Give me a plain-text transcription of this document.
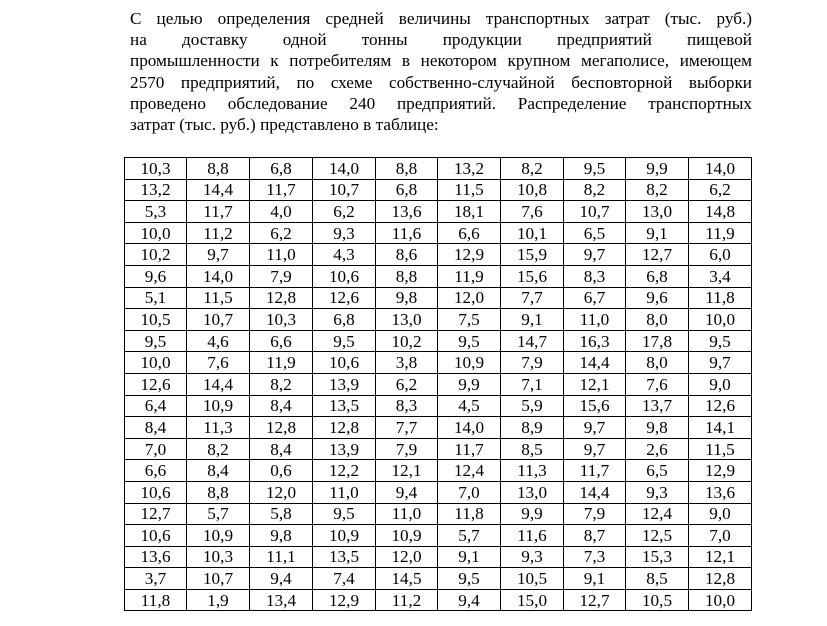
С целью определения средней величины транспортных затрат (тыс. руб.)
на доставку одной тонны продукции предприятий пищевой
промышленности к потребителям в некотором крупном мегаполисе, имеющем
2570 предприятий, по схеме собственно-случайной бесповторной выборки
проведено обследование 240 предприятий. Распределение транспортных
затрат (тыс. руб.) представлено в таблице:

10,3	8,8	6,8	14,0	8,8	13,2	8,2	9,5	9,9	14,0
13,2	14,4	11,7	10,7	6,8	11,5	10,8	8,2	8,2	6,2
5,3	11,7	4,0	6,2	13,6	18,1	7,6	10,7	13,0	14,8
10,0	11,2	6,2	9,3	11,6	6,6	10,1	6,5	9,1	11,9
10,2	9,7	11,0	4,3	8,6	12,9	15,9	9,7	12,7	6,0
9,6	14,0	7,9	10,6	8,8	11,9	15,6	8,3	6,8	3,4
5,1	11,5	12,8	12,6	9,8	12,0	7,7	6,7	9,6	11,8
10,5	10,7	10,3	6,8	13,0	7,5	9,1	11,0	8,0	10,0
9,5	4,6	6,6	9,5	10,2	9,5	14,7	16,3	17,8	9,5
10,0	7,6	11,9	10,6	3,8	10,9	7,9	14,4	8,0	9,7
12,6	14,4	8,2	13,9	6,2	9,9	7,1	12,1	7,6	9,0
6,4	10,9	8,4	13,5	8,3	4,5	5,9	15,6	13,7	12,6
8,4	11,3	12,8	12,8	7,7	14,0	8,9	9,7	9,8	14,1
7,0	8,2	8,4	13,9	7,9	11,7	8,5	9,7	2,6	11,5
6,6	8,4	0,6	12,2	12,1	12,4	11,3	11,7	6,5	12,9
10,6	8,8	12,0	11,0	9,4	7,0	13,0	14,4	9,3	13,6
12,7	5,7	5,8	9,5	11,0	11,8	9,9	7,9	12,4	9,0
10,6	10,9	9,8	10,9	10,9	5,7	11,6	8,7	12,5	7,0
13,6	10,3	11,1	13,5	12,0	9,1	9,3	7,3	15,3	12,1
3,7	10,7	9,4	7,4	14,5	9,5	10,5	9,1	8,5	12,8
11,8	1,9	13,4	12,9	11,2	9,4	15,0	12,7	10,5	10,0
